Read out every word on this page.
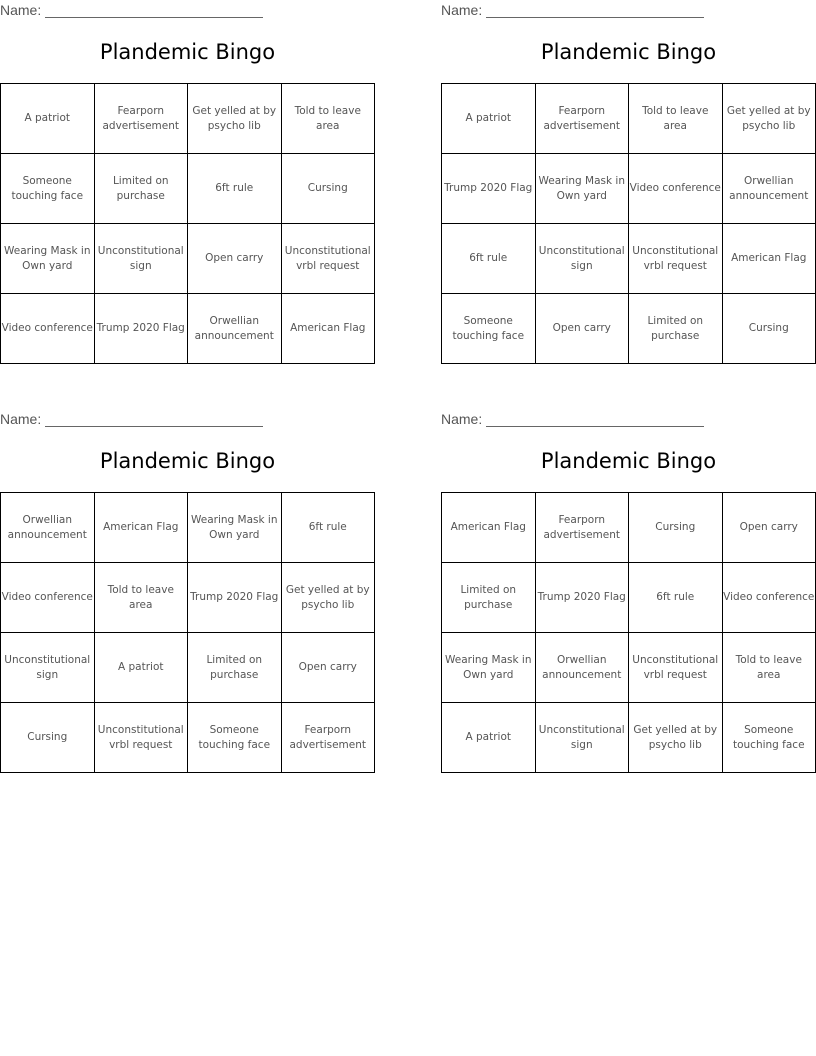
Name:
Plandemic Bingo
A patriot	Fearporn advertisement	Get yelled at by psycho lib	Told to leave area
Someone touching face	Limited on purchase	6ft rule	Cursing
Wearing Mask in Own yard	Unconstitutional sign	Open carry	Unconstitutional vrbl request
Video conference	Trump 2020 Flag	Orwellian announcement	American Flag
Name:
Plandemic Bingo
A patriot	Fearporn advertisement	Told to leave area	Get yelled at by psycho lib
Trump 2020 Flag	Wearing Mask in Own yard	Video conference	Orwellian announcement
6ft rule	Unconstitutional sign	Unconstitutional vrbl request	American Flag
Someone touching face	Open carry	Limited on purchase	Cursing
Name:
Plandemic Bingo
Orwellian announcement	American Flag	Wearing Mask in Own yard	6ft rule
Video conference	Told to leave area	Trump 2020 Flag	Get yelled at by psycho lib
Unconstitutional sign	A patriot	Limited on purchase	Open carry
Cursing	Unconstitutional vrbl request	Someone touching face	Fearporn advertisement
Name:
Plandemic Bingo
American Flag	Fearporn advertisement	Cursing	Open carry
Limited on purchase	Trump 2020 Flag	6ft rule	Video conference
Wearing Mask in Own yard	Orwellian announcement	Unconstitutional vrbl request	Told to leave area
A patriot	Unconstitutional sign	Get yelled at by psycho lib	Someone touching face
